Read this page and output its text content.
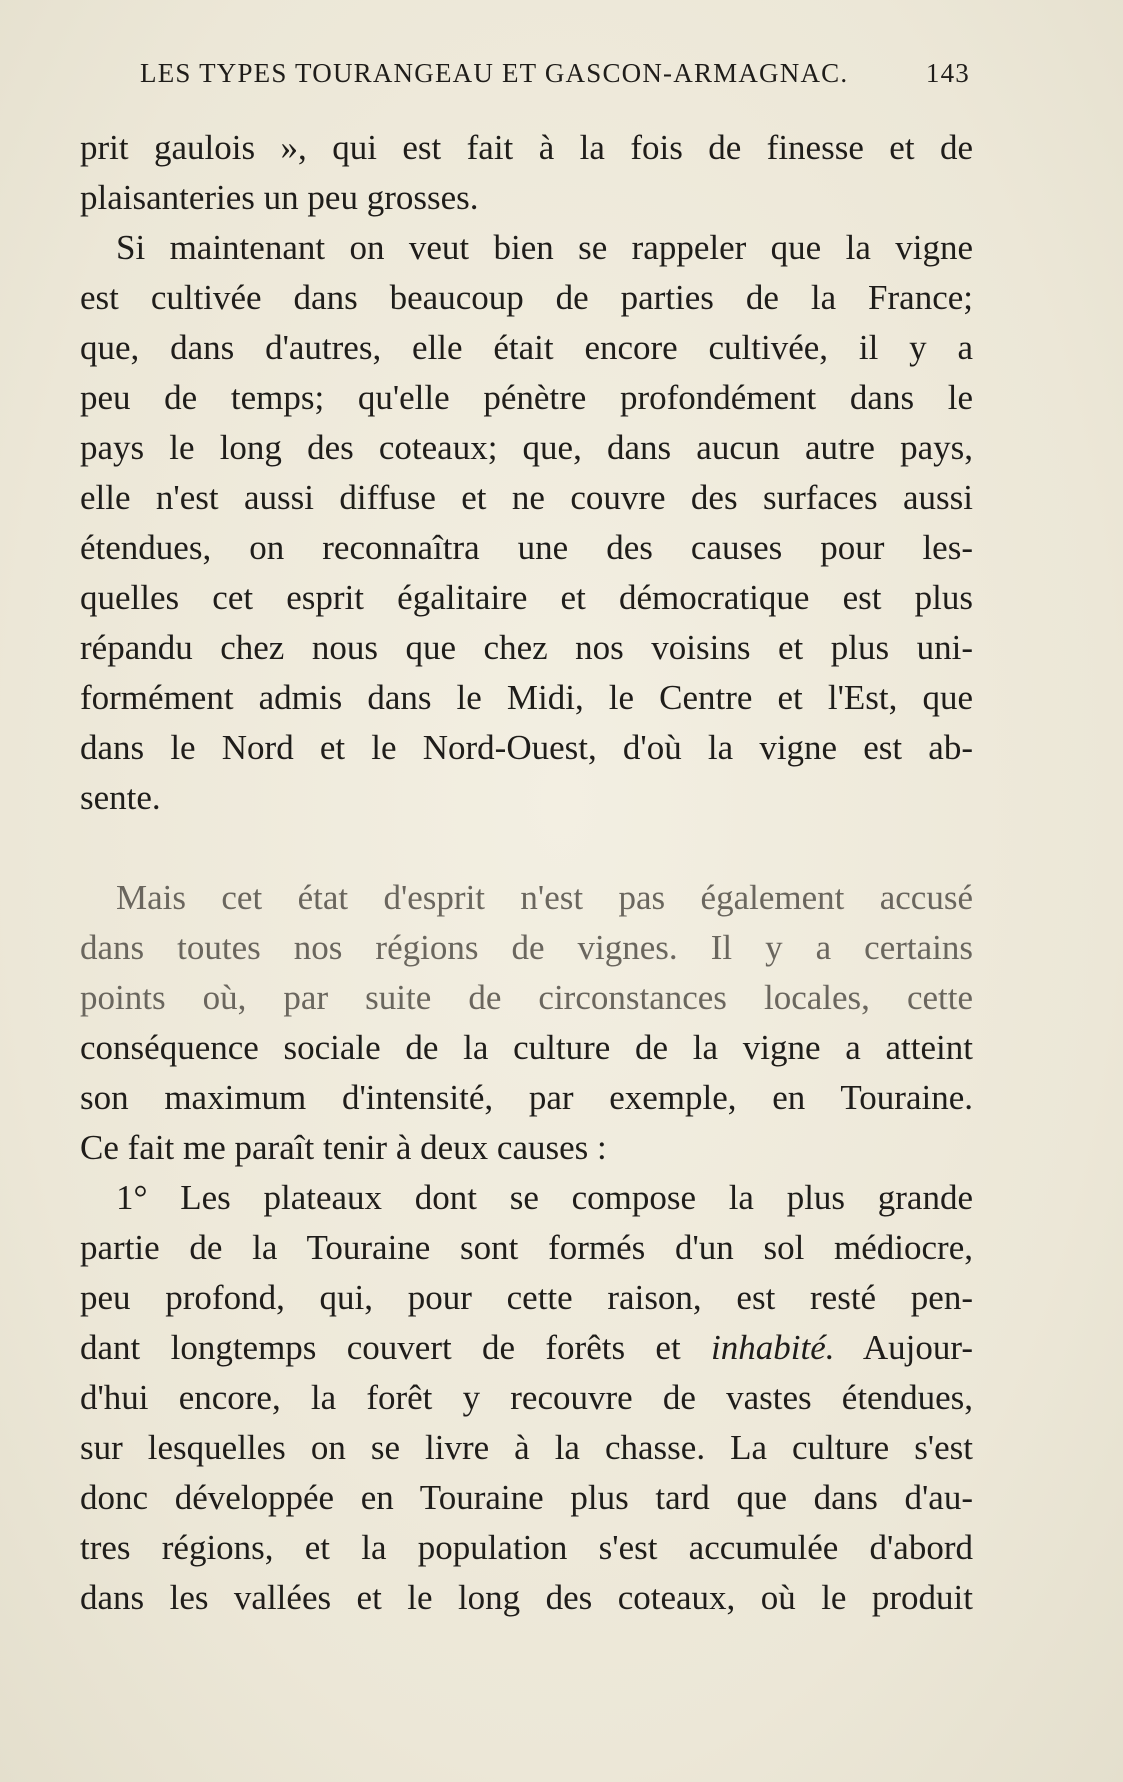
LES TYPES TOURANGEAU ET GASCON-ARMAGNAC.	143
prit gaulois », qui est fait à la fois de finesse et de
plaisanteries un peu grosses.
Si maintenant on veut bien se rappeler que la vigne
est cultivée dans beaucoup de parties de la France;
que, dans d'autres, elle était encore cultivée, il y a
peu de temps; qu'elle pénètre profondément dans le
pays le long des coteaux; que, dans aucun autre pays,
elle n'est aussi diffuse et ne couvre des surfaces aussi
étendues, on reconnaîtra une des causes pour les-
quelles cet esprit égalitaire et démocratique est plus
répandu chez nous que chez nos voisins et plus uni-
formément admis dans le Midi, le Centre et l'Est, que
dans le Nord et le Nord-Ouest, d'où la vigne est ab-
sente.
Mais cet état d'esprit n'est pas également accusé
dans toutes nos régions de vignes. Il y a certains
points où, par suite de circonstances locales, cette
conséquence sociale de la culture de la vigne a atteint
son maximum d'intensité, par exemple, en Touraine.
Ce fait me paraît tenir à deux causes :
1° Les plateaux dont se compose la plus grande
partie de la Touraine sont formés d'un sol médiocre,
peu profond, qui, pour cette raison, est resté pen-
dant longtemps couvert de forêts et inhabité. Aujour-
d'hui encore, la forêt y recouvre de vastes étendues,
sur lesquelles on se livre à la chasse. La culture s'est
donc développée en Touraine plus tard que dans d'au-
tres régions, et la population s'est accumulée d'abord
dans les vallées et le long des coteaux, où le produit
